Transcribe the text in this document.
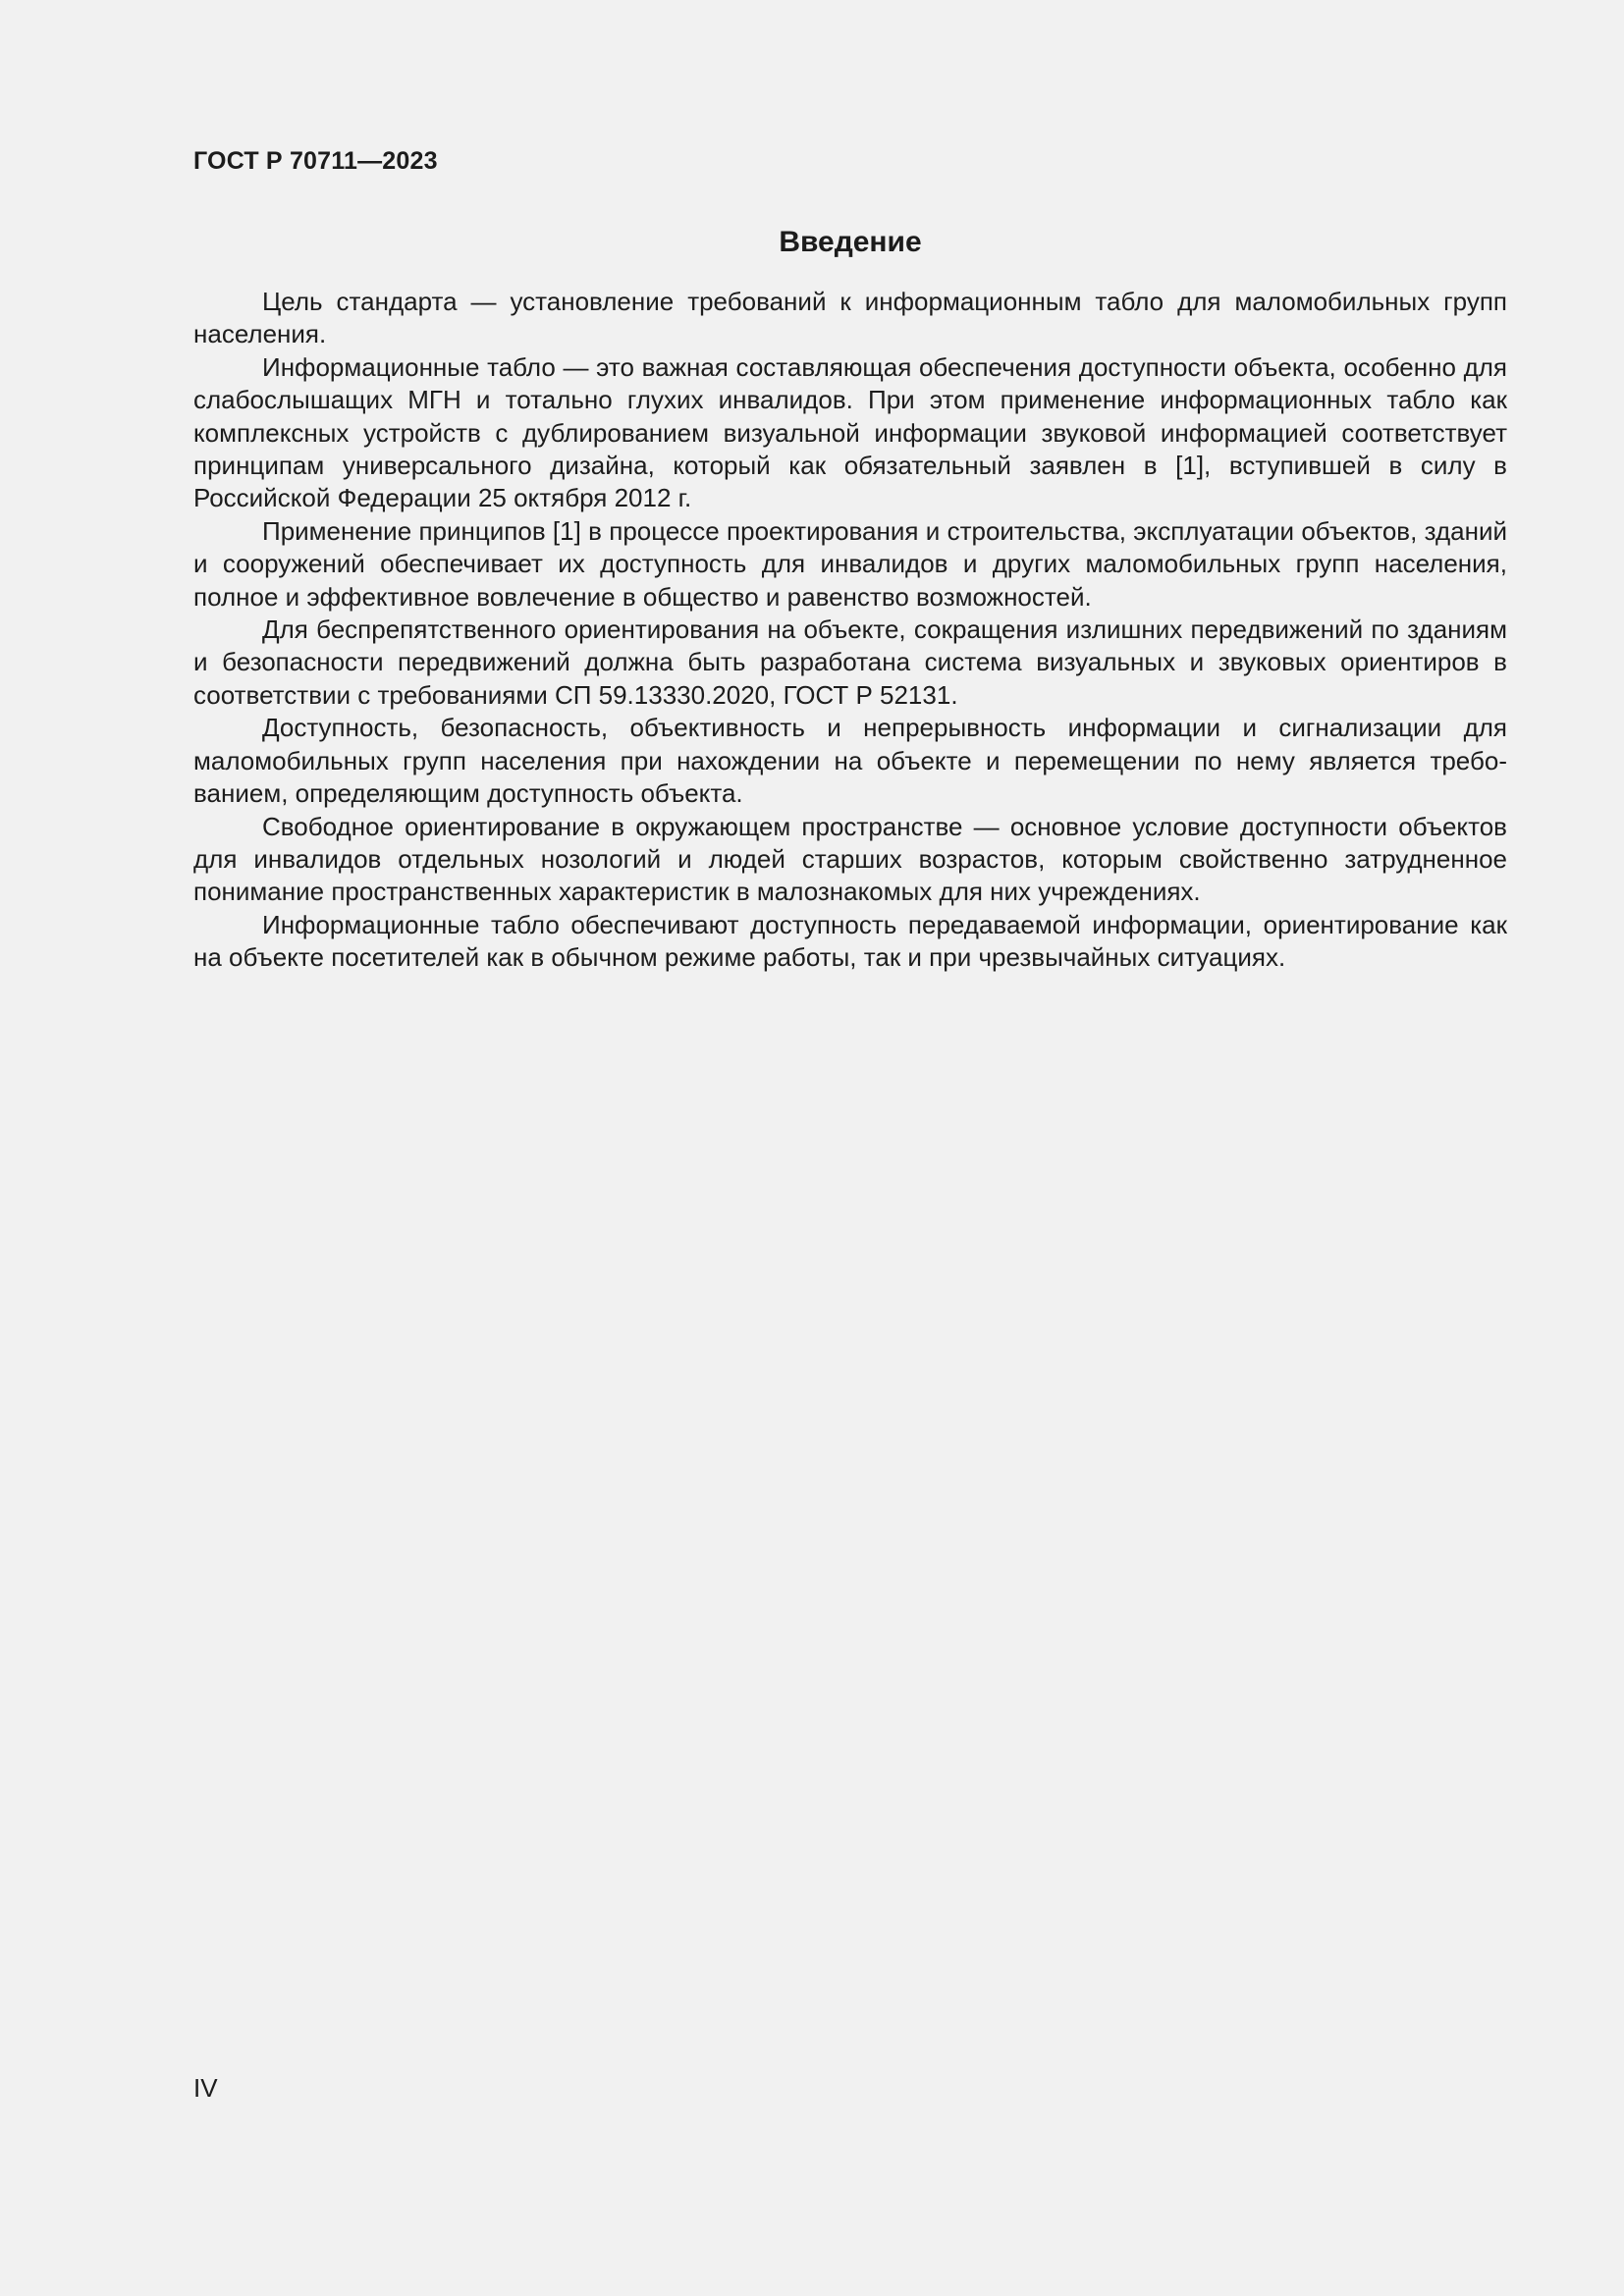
ГОСТ Р 70711—2023
Введение

Цель стандарта — установление требований к информационным табло для маломобильных групп населения.

Информационные табло — это важная составляющая обеспечения доступности объекта, особенно для слабослышащих МГН и тотально глухих инвалидов. При этом применение информационных табло как комплексных устройств с дублированием визуальной информации звуковой информацией соответствует принципам универсального дизайна, который как обязательный заявлен в [1], вступившей в силу в Российской Федерации 25 октября 2012 г.

Применение принципов [1] в процессе проектирования и строительства, эксплуатации объектов, зданий и сооружений обеспечивает их доступность для инвалидов и других маломобильных групп населения, полное и эффективное вовлечение в общество и равенство возможностей.

Для беспрепятственного ориентирования на объекте, сокращения излишних передвижений по зданиям и безопасности передвижений должна быть разработана система визуальных и звуковых ориентиров в соответствии с требованиями СП 59.13330.2020, ГОСТ Р 52131.

Доступность, безопасность, объективность и непрерывность информации и сигнализации для маломобильных групп населения при нахождении на объекте и перемещении по нему является требованием, определяющим доступность объекта.

Свободное ориентирование в окружающем пространстве — основное условие доступности объектов для инвалидов отдельных нозологий и людей старших возрастов, которым свойственно затрудненное понимание пространственных характеристик в малознакомых для них учреждениях.

Информационные табло обеспечивают доступность передаваемой информации, ориентирование как на объекте посетителей как в обычном режиме работы, так и при чрезвычайных ситуациях.

IV
